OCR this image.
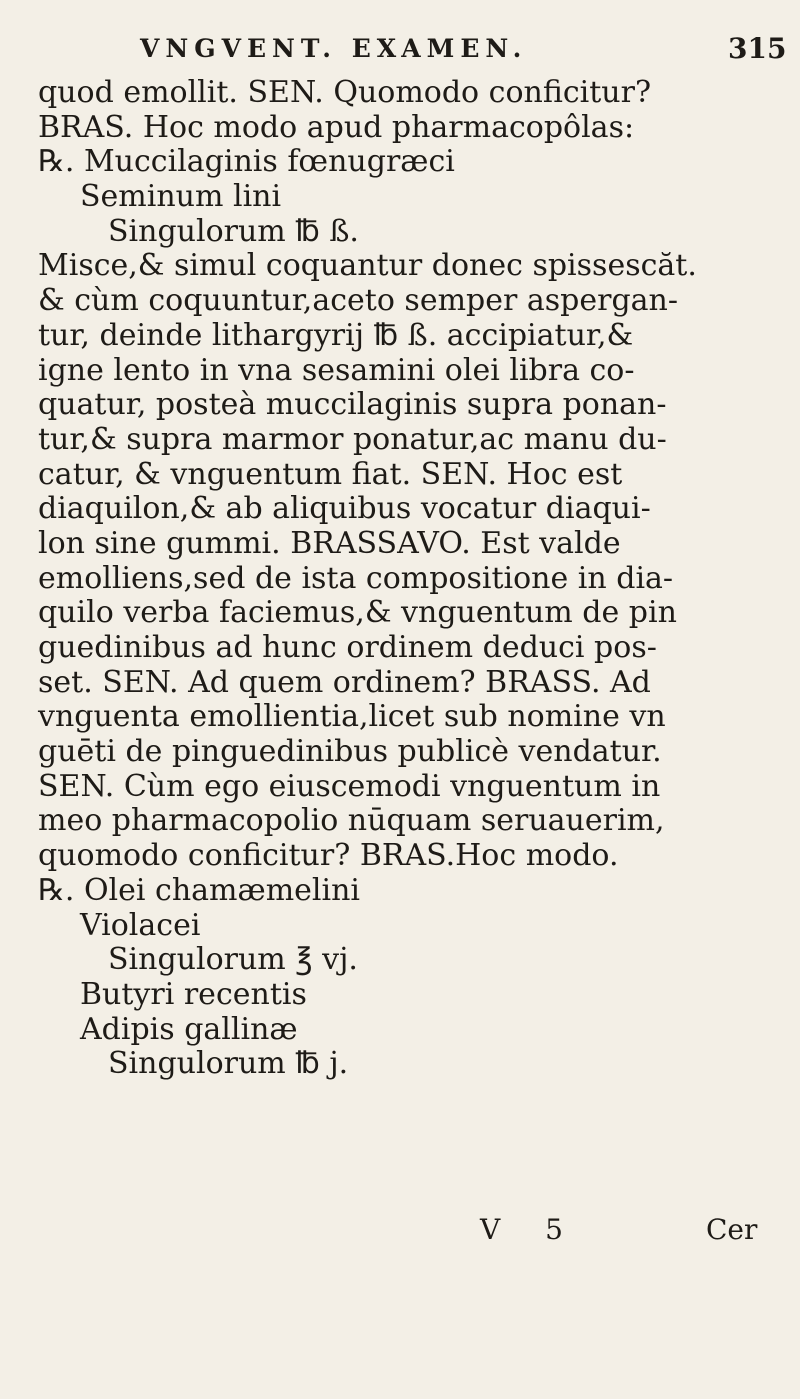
VNGVENT. EXAMEN.	315
quod emollit. SEN. Quomodo conficitur?
BRAS. Hoc modo apud pharmacopôlas:
℞. Muccilaginis fœnugræci
Seminum lini
Singulorum ℔ ß.
Misce,& simul coquantur donec spissescăt.
& cùm coquuntur,aceto semper aspergan-
tur, deinde lithargyrij ℔ ß. accipiatur,&
igne lento in vna sesamini olei libra co-
quatur, posteà muccilaginis supra ponan-
tur,& supra marmor ponatur,ac manu du-
catur, & vnguentum fiat. SEN. Hoc est
diaquilon,& ab aliquibus vocatur diaqui-
lon sine gummi. BRASSAVO. Est valde
emolliens,sed de ista compositione in dia-
quilo verba faciemus,& vnguentum de pin
guedinibus ad hunc ordinem deduci pos-
set. SEN. Ad quem ordinem? BRASS. Ad
vnguenta emollientia,licet sub nomine vn
guēti de pinguedinibus publicè vendatur.
SEN. Cùm ego eiuscemodi vnguentum in
meo pharmacopolio nūquam seruauerim,
quomodo conficitur? BRAS.Hoc modo.
℞. Olei chamæmelini
Violacei
Singulorum ℥ vj.
Butyri recentis
Adipis gallinæ
Singulorum ℔ j.
V 5	Cer
